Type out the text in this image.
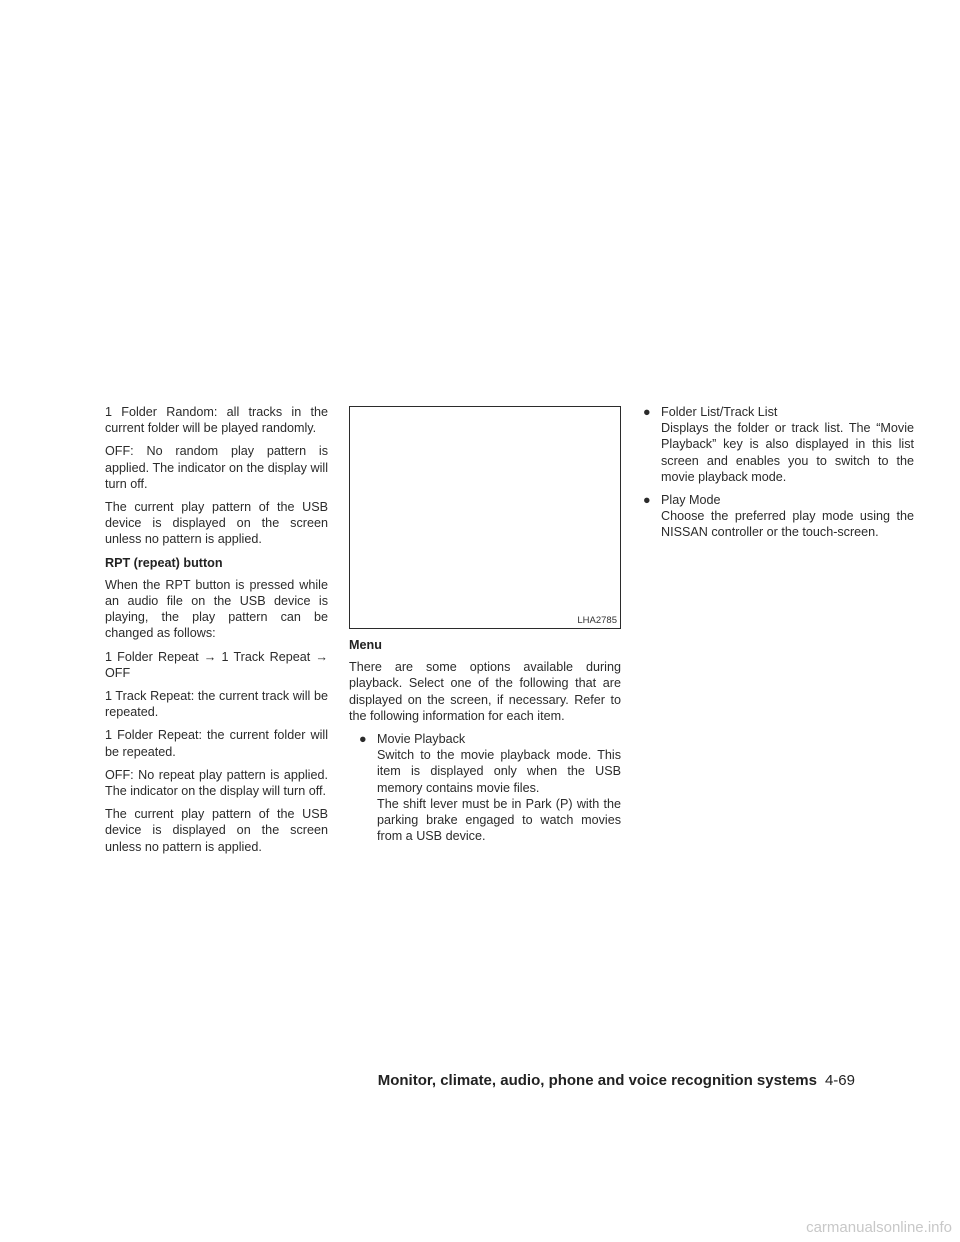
1 Folder Random: all tracks in the current folder will be played randomly.

OFF: No random play pattern is applied. The indicator on the display will turn off.

The current play pattern of the USB device is displayed on the screen unless no pattern is applied.

RPT (repeat) button

When the RPT button is pressed while an audio file on the USB device is playing, the play pattern can be changed as follows:

1 Folder Repeat → 1 Track Repeat → OFF

1 Track Repeat: the current track will be repeated.

1 Folder Repeat: the current folder will be repeated.

OFF: No repeat play pattern is applied. The indicator on the display will turn off.

The current play pattern of the USB device is displayed on the screen unless no pattern is applied.

LHA2785
Menu

There are some options available during playback. Select one of the following that are displayed on the screen, if necessary. Refer to the following information for each item.

● Movie Playback
Switch to the movie playback mode. This item is displayed only when the USB memory contains movie files.
The shift lever must be in Park (P) with the parking brake engaged to watch movies from a USB device.
● Folder List/Track List
Displays the folder or track list. The “Movie Playback” key is also displayed in this list screen and enables you to switch to the movie playback mode.
● Play Mode
Choose the preferred play mode using the NISSAN controller or the touch-screen.
Monitor, climate, audio, phone and voice recognition systems 4-69
carmanualsonline.info
